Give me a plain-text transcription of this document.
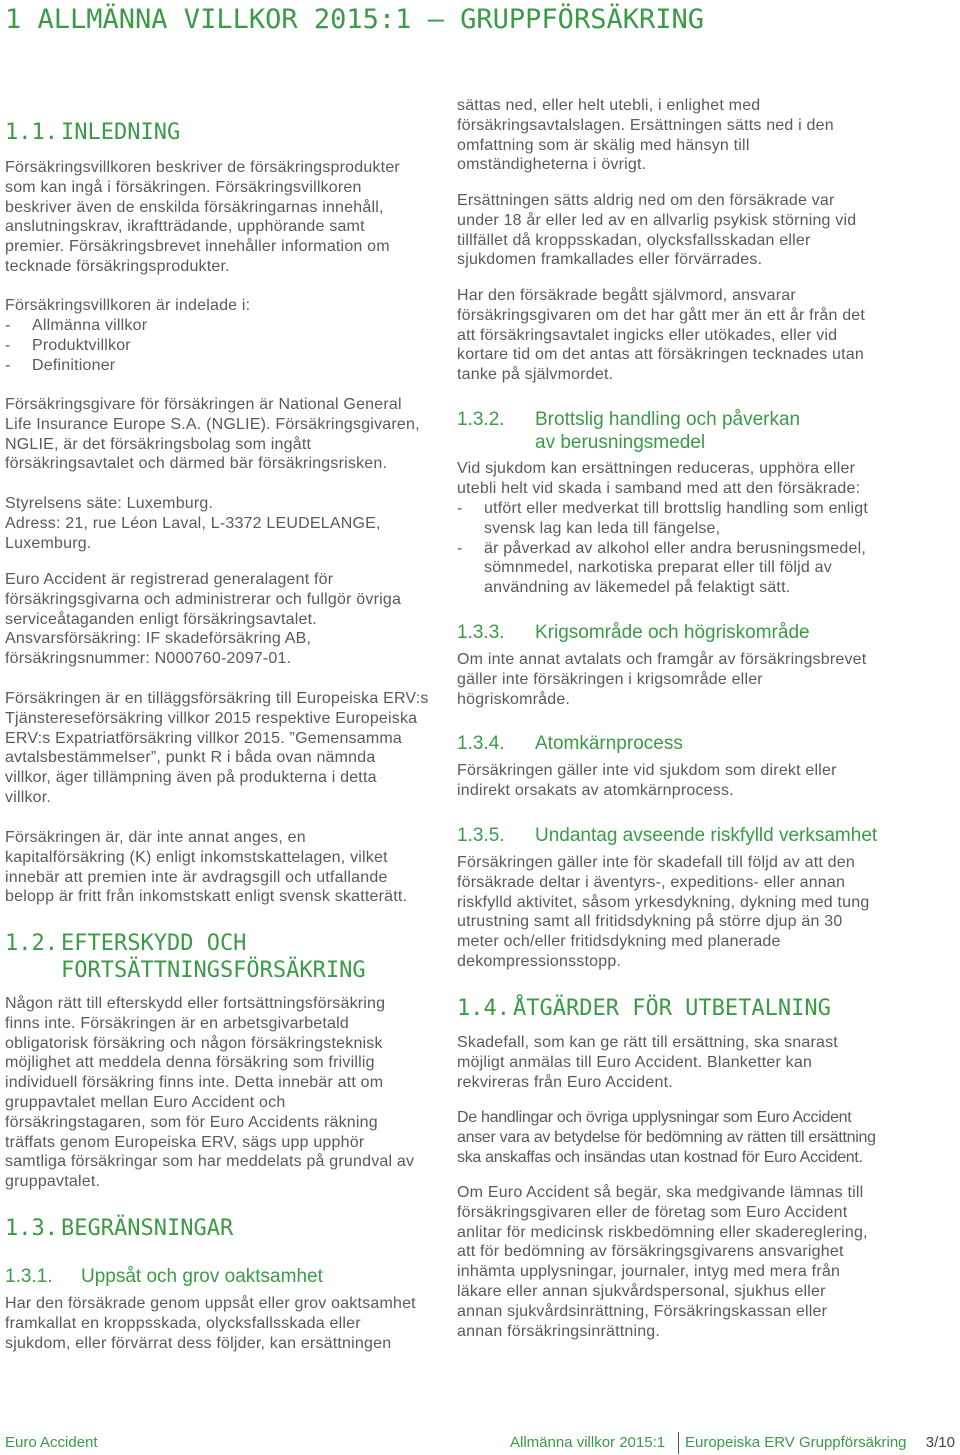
1 ALLMÄNNA VILLKOR 2015:1 – GRUPPFÖRSÄKRING
1.1. INLEDNING

Försäkringsvillkoren beskriver de försäkringsprodukter
som kan ingå i försäkringen. Försäkringsvillkoren
beskriver även de enskilda försäkringarnas innehåll,
anslutningskrav, ikraftträdande, upphörande samt
premier. Försäkringsbrevet innehåller information om
tecknade försäkringsprodukter.

Försäkringsvillkoren är indelade i:

-	Allmänna villkor
-	Produktvillkor
-	Definitioner

Försäkringsgivare för försäkringen är National General
Life Insurance Europe S.A. (NGLIE). Försäkringsgivaren,
NGLIE, är det försäkringsbolag som ingått
försäkringsavtalet och därmed bär försäkringsrisken.

Styrelsens säte: Luxemburg.
Adress: 21, rue Léon Laval, L-3372 LEUDELANGE,
Luxemburg.

Euro Accident är registrerad generalagent för
försäkringsgivarna och administrerar och fullgör övriga
serviceåtaganden enligt försäkringsavtalet.
Ansvarsförsäkring: IF skadeförsäkring AB,
försäkringsnummer: N000760-2097-01.

Försäkringen är en tilläggsförsäkring till Europeiska ERV:s
Tjänstereseförsäkring villkor 2015 respektive Europeiska
ERV:s Expatriatförsäkring villkor 2015. ”Gemensamma
avtalsbestämmelser”, punkt R i båda ovan nämnda
villkor, äger tillämpning även på produkterna i detta
villkor.

Försäkringen är, där inte annat anges, en
kapitalförsäkring (K) enligt inkomstskattelagen, vilket
innebär att premien inte är avdragsgill och utfallande
belopp är fritt från inkomstskatt enligt svensk skatterätt.

1.2. EFTERSKYDD OCH
FORTSÄTTNINGSFÖRSÄKRING

Någon rätt till efterskydd eller fortsättningsförsäkring
finns inte. Försäkringen är en arbetsgivarbetald
obligatorisk försäkring och någon försäkringsteknisk
möjlighet att meddela denna försäkring som frivillig
individuell försäkring finns inte. Detta innebär att om
gruppavtalet mellan Euro Accident och
försäkringstagaren, som för Euro Accidents räkning
träffats genom Europeiska ERV, sägs upp upphör
samtliga försäkringar som har meddelats på grundval av
gruppavtalet.

1.3. BEGRÄNSNINGAR
1.3.1.	Uppsåt och grov oaktsamhet

Har den försäkrade genom uppsåt eller grov oaktsamhet
framkallat en kroppsskada, olycksfallsskada eller
sjukdom, eller förvärrat dess följder, kan ersättningen

sättas ned, eller helt utebli, i enlighet med
försäkringsavtalslagen. Ersättningen sätts ned i den
omfattning som är skälig med hänsyn till
omständigheterna i övrigt.

Ersättningen sätts aldrig ned om den försäkrade var
under 18 år eller led av en allvarlig psykisk störning vid
tillfället då kroppsskadan, olycksfallsskadan eller
sjukdomen framkallades eller förvärrades.

Har den försäkrade begått självmord, ansvarar
försäkringsgivaren om det har gått mer än ett år från det
att försäkringsavtalet ingicks eller utökades, eller vid
kortare tid om det antas att försäkringen tecknades utan
tanke på självmordet.

1.3.2.	Brottslig handling och påverkan
av berusningsmedel

Vid sjukdom kan ersättningen reduceras, upphöra eller
utebli helt vid skada i samband med att den försäkrade:

-	utfört eller medverkat till brottslig handling som enligt
svensk lag kan leda till fängelse,
-	är påverkad av alkohol eller andra berusningsmedel,
sömnmedel, narkotiska preparat eller till följd av
användning av läkemedel på felaktigt sätt.
1.3.3.	Krigsområde och högriskområde

Om inte annat avtalats och framgår av försäkringsbrevet
gäller inte försäkringen i krigsområde eller
högriskområde.

1.3.4.	Atomkärnprocess

Försäkringen gäller inte vid sjukdom som direkt eller
indirekt orsakats av atomkärnprocess.

1.3.5.	Undantag avseende riskfylld verksamhet

Försäkringen gäller inte för skadefall till följd av att den
försäkrade deltar i äventyrs-, expeditions- eller annan
riskfylld aktivitet, såsom yrkesdykning, dykning med tung
utrustning samt all fritidsdykning på större djup än 30
meter och/eller fritidsdykning med planerade
dekompressionsstopp.

1.4. ÅTGÄRDER FÖR UTBETALNING

Skadefall, som kan ge rätt till ersättning, ska snarast
möjligt anmälas till Euro Accident. Blanketter kan
rekvireras från Euro Accident.

De handlingar och övriga upplysningar som Euro Accident
anser vara av betydelse för bedömning av rätten till ersättning
ska anskaffas och insändas utan kostnad för Euro Accident.

Om Euro Accident så begär, ska medgivande lämnas till
försäkringsgivaren eller de företag som Euro Accident
anlitar för medicinsk riskbedömning eller skadereglering,
att för bedömning av försäkringsgivarens ansvarighet
inhämta upplysningar, journaler, intyg med mera från
läkare eller annan sjukvårdspersonal, sjukhus eller
annan sjukvårdsinrättning, Försäkringskassan eller
annan försäkringsinrättning.

Euro Accident	Allmänna villkor 2015:1 Europeiska ERV Gruppförsäkring 3/10
